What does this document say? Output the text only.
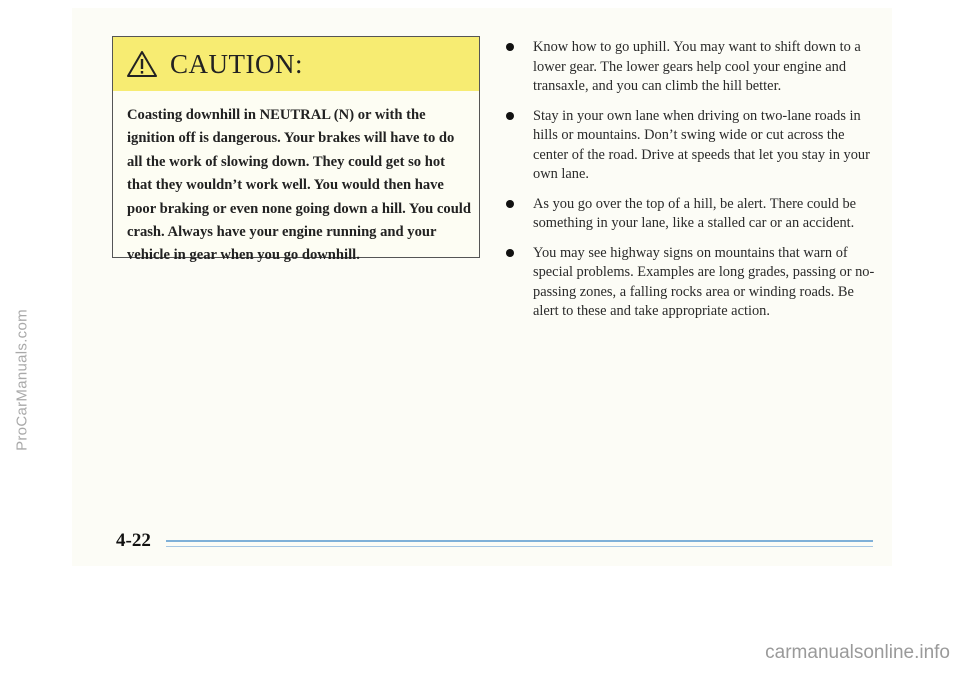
ProCarManuals.com
CAUTION:
Coasting downhill in NEUTRAL (N) or with the ignition off is dangerous. Your brakes will have to do all the work of slowing down. They could get so hot that they wouldn’t work well. You would then have poor braking or even none going down a hill. You could crash. Always have your engine running and your vehicle in gear when you go downhill.
Know how to go uphill. You may want to shift down to a lower gear. The lower gears help cool your engine and transaxle, and you can climb the hill better.
Stay in your own lane when driving on two-lane roads in hills or mountains. Don’t swing wide or cut across the center of the road. Drive at speeds that let you stay in your own lane.
As you go over the top of a hill, be alert. There could be something in your lane, like a stalled car or an accident.
You may see highway signs on mountains that warn of special problems. Examples are long grades, passing or no-passing zones, a falling rocks area or winding roads. Be alert to these and take appropriate action.
4-22
carmanualsonline.info
